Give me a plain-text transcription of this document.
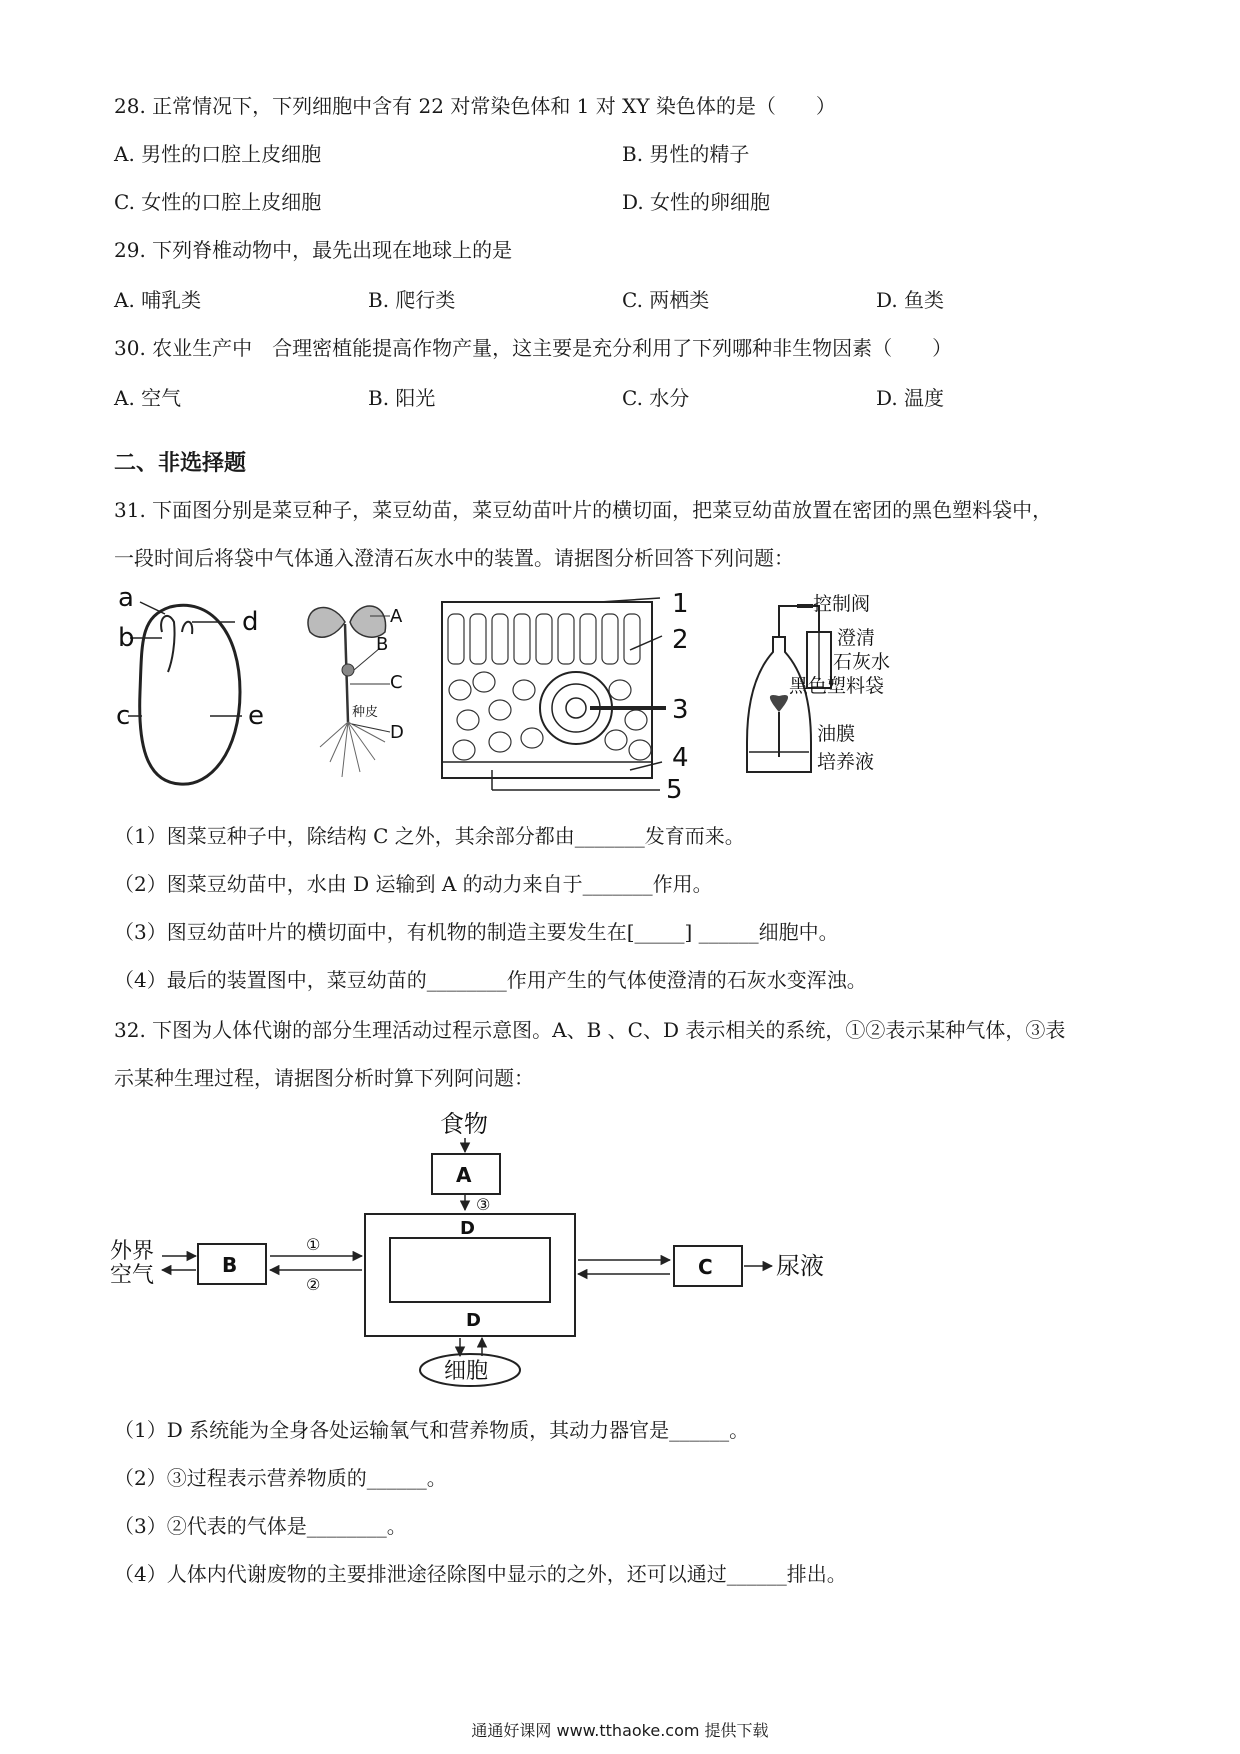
28. 正常情况下，下列细胞中含有 22 对常染色体和 1 对 XY 染色体的是（　　）
A. 男性的口腔上皮细胞	B. 男性的精子
C. 女性的口腔上皮细胞	D. 女性的卵细胞
29. 下列脊椎动物中，最先出现在地球上的是
A. 哺乳类	B. 爬行类	C. 两栖类	D. 鱼类
30. 农业生产中　合理密植能提高作物产量，这主要是充分利用了下列哪种非生物因素（　　）
A. 空气	B. 阳光	C. 水分	D. 温度
二、非选择题
31. 下面图分别是菜豆种子，菜豆幼苗，菜豆幼苗叶片的横切面，把菜豆幼苗放置在密团的黑色塑料袋中，
一段时间后将袋中气体通入澄清石灰水中的装置。请据图分析回答下列问题：
a
b
c
d
e
A
B
C
D
种皮
1
2
3
4
5
控制阀
澄清
石灰水
黑色塑料袋
油膜
培养液
（1）图菜豆种子中，除结构 C 之外，其余部分都由_______发育而来。
（2）图菜豆幼苗中，水由 D 运输到 A 的动力来自于_______作用。
（3）图豆幼苗叶片的横切面中，有机物的制造主要发生在[_____] ______细胞中。
（4）最后的装置图中，菜豆幼苗的________作用产生的气体使澄清的石灰水变浑浊。
32. 下图为人体代谢的部分生理活动过程示意图。A、B 、C、D 表示相关的系统，①②表示某种气体，③表
示某种生理过程，请据图分析时算下列阿问题：
食物
A
③
D
D
外界
空气	B
①
②
C	尿液
细胞
（1）D 系统能为全身各处运输氧气和营养物质，其动力器官是______。
（2）③过程表示营养物质的______。
（3）②代表的气体是________。
（4）人体内代谢废物的主要排泄途径除图中显示的之外，还可以通过______排出。
通通好课网 www.tthaoke.com 提供下载
